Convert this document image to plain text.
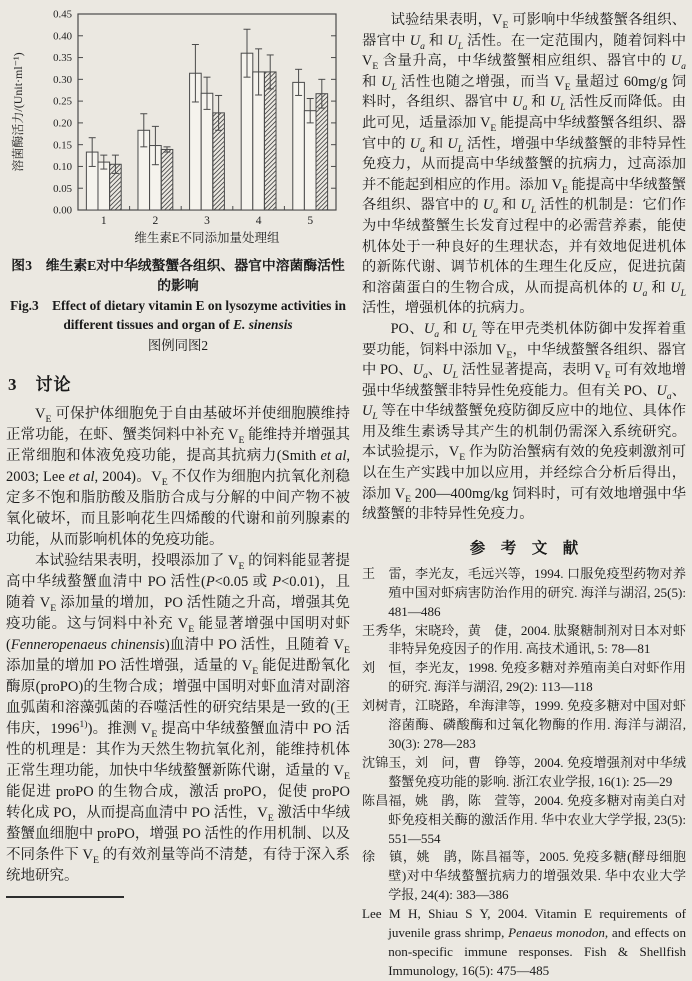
0.00
0.05
0.10
0.15
0.20
0.25
0.30
0.35
0.40
0.45
1	2	3	4	5
维生素E不同添加量处理组
溶菌酶活力/(Unit·ml⁻¹)
图3　维生素E对中华绒螯蟹各组织、器官中溶菌酶活性的影响
Fig.3　Effect of dietary vitamin E on lysozyme activities in
different tissues and organ of E. sinensis
图例同图2
3　讨论

$V_E$ 可保护体细胞免于自由基破坏并使细胞膜维持正常功能，在虾、蟹类饲料中补充 $V_E$ 能维持并增强其正常细胞和体液免疫功能，提高其抗病力(Smith et al, 2003; Lee et al, 2004)。$V_E$ 不仅作为细胞内抗氧化剂稳定多不饱和脂肪酸及脂肪合成与分解的中间产物不被氧化破坏，而且影响花生四烯酸的代谢和前列腺素的功能，从而影响机体的免疫功能。

本试验结果表明，投喂添加了 $V_E$ 的饲料能显著提高中华绒螯蟹血清中 PO 活性(P<0.05 或 P<0.01)，且随着 $V_E$ 添加量的增加，PO 活性随之升高，增强其免疫功能。这与饲料中补充 $V_E$ 能显著增强中国明对虾(Fenneropenaeus chinensis)血清中 PO 活性，且随着 $V_E$ 添加量的增加 PO 活性增强，适量的 $V_E$ 能促进酚氧化酶原(proPO)的生物合成；增强中国明对虾血清对副溶血弧菌和溶藻弧菌的吞噬活性的研究结果是一致的(王伟庆，1996$^{1)}$)。推测 $V_E$ 提高中华绒螯蟹血清中 PO 活性的机理是：其作为天然生物抗氧化剂，能维持机体正常生理功能，加快中华绒螯蟹新陈代谢，适量的 $V_E$ 能促进 proPO 的生物合成，激活 proPO，促使 proPO 转化成 PO，从而提高血清中 PO 活性，$V_E$ 激活中华绒螯蟹血细胞中 proPO，增强 PO 活性的作用机制、以及不同条件下 $V_E$ 的有效剂量等尚不清楚，有待于深入系统地研究。

试验结果表明，$V_E$ 可影响中华绒螯蟹各组织、器官中 $U_a$ 和 $U_L$ 活性。在一定范围内，随着饲料中 $V_E$ 含量升高，中华绒螯蟹相应组织、器官中的 $U_a$ 和 $U_L$ 活性也随之增强，而当 $V_E$ 量超过 60mg/g 饲料时，各组织、器官中 $U_a$ 和 $U_L$ 活性反而降低。由此可见，适量添加 $V_E$ 能提高中华绒螯蟹各组织、器官中的 $U_a$ 和 $U_L$ 活性，增强中华绒螯蟹的非特异性免疫力，从而提高中华绒螯蟹的抗病力，过高添加并不能起到相应的作用。添加 $V_E$ 能提高中华绒螯蟹各组织、器官中的 $U_a$ 和 $U_L$ 活性的机制是：它们作为中华绒螯蟹生长发育过程中的必需营养素，能使机体处于一种良好的生理状态，并有效地促进机体的新陈代谢、调节机体的生理生化反应，促进抗菌和溶菌蛋白的生物合成，从而提高机体的 $U_a$ 和 $U_L$ 活性，增强机体的抗病力。

PO、$U_a$ 和 $U_L$ 等在甲壳类机体防御中发挥着重要功能，饲料中添加 $V_E$，中华绒螯蟹各组织、器官中 PO、$U_a$、$U_L$ 活性显著提高，表明 $V_E$ 可有效地增强中华绒螯蟹非特异性免疫能力。但有关 PO、$U_a$、$U_L$ 等在中华绒螯蟹免疫防御反应中的地位、具体作用及维生素诱导其产生的机制仍需深入系统研究。本试验提示，$V_E$ 作为防治蟹病有效的免疫刺激剂可以在生产实践中加以应用，并经综合分析后得出，添加 $V_E$ 200—400mg/kg 饲料时，可有效地增强中华绒螯蟹的非特异性免疫力。

参　考　文　献
王　雷，李光友，毛远兴等，1994. 口服免疫型药物对养殖中国对虾病害防治作用的研究. 海洋与湖沼, 25(5): 481—486
王秀华，宋晓玲，黄　倢，2004. 肽聚糖制剂对日本对虾非特异免疫因子的作用. 高技术通讯, 5: 78—81
刘　恒，李光友，1998. 免疫多糖对养殖南美白对虾作用的研究. 海洋与湖沼, 29(2): 113—118
刘树青，江晓路，牟海津等，1999. 免疫多糖对中国对虾溶菌酶、磷酸酶和过氧化物酶的作用. 海洋与湖沼, 30(3): 278—283
沈锦玉，刘　问，曹　铮等，2004. 免疫增强剂对中华绒螯蟹免疫功能的影响. 浙江农业学报, 16(1): 25—29
陈昌福，姚　鹃，陈　萱等，2004. 免疫多糖对南美白对虾免疫相关酶的激活作用. 华中农业大学学报, 23(5): 551—554
徐　镇，姚　鹃，陈昌福等，2005. 免疫多糖(酵母细胞壁)对中华绒螯蟹抗病力的增强效果. 华中农业大学学报, 24(4): 383—386
Lee M H, Shiau S Y, 2004. Vitamin E requirements of juvenile grass shrimp, Penaeus monodon, and effects on non-specific immune responses. Fish & Shellfish Immunology, 16(5): 475—485
